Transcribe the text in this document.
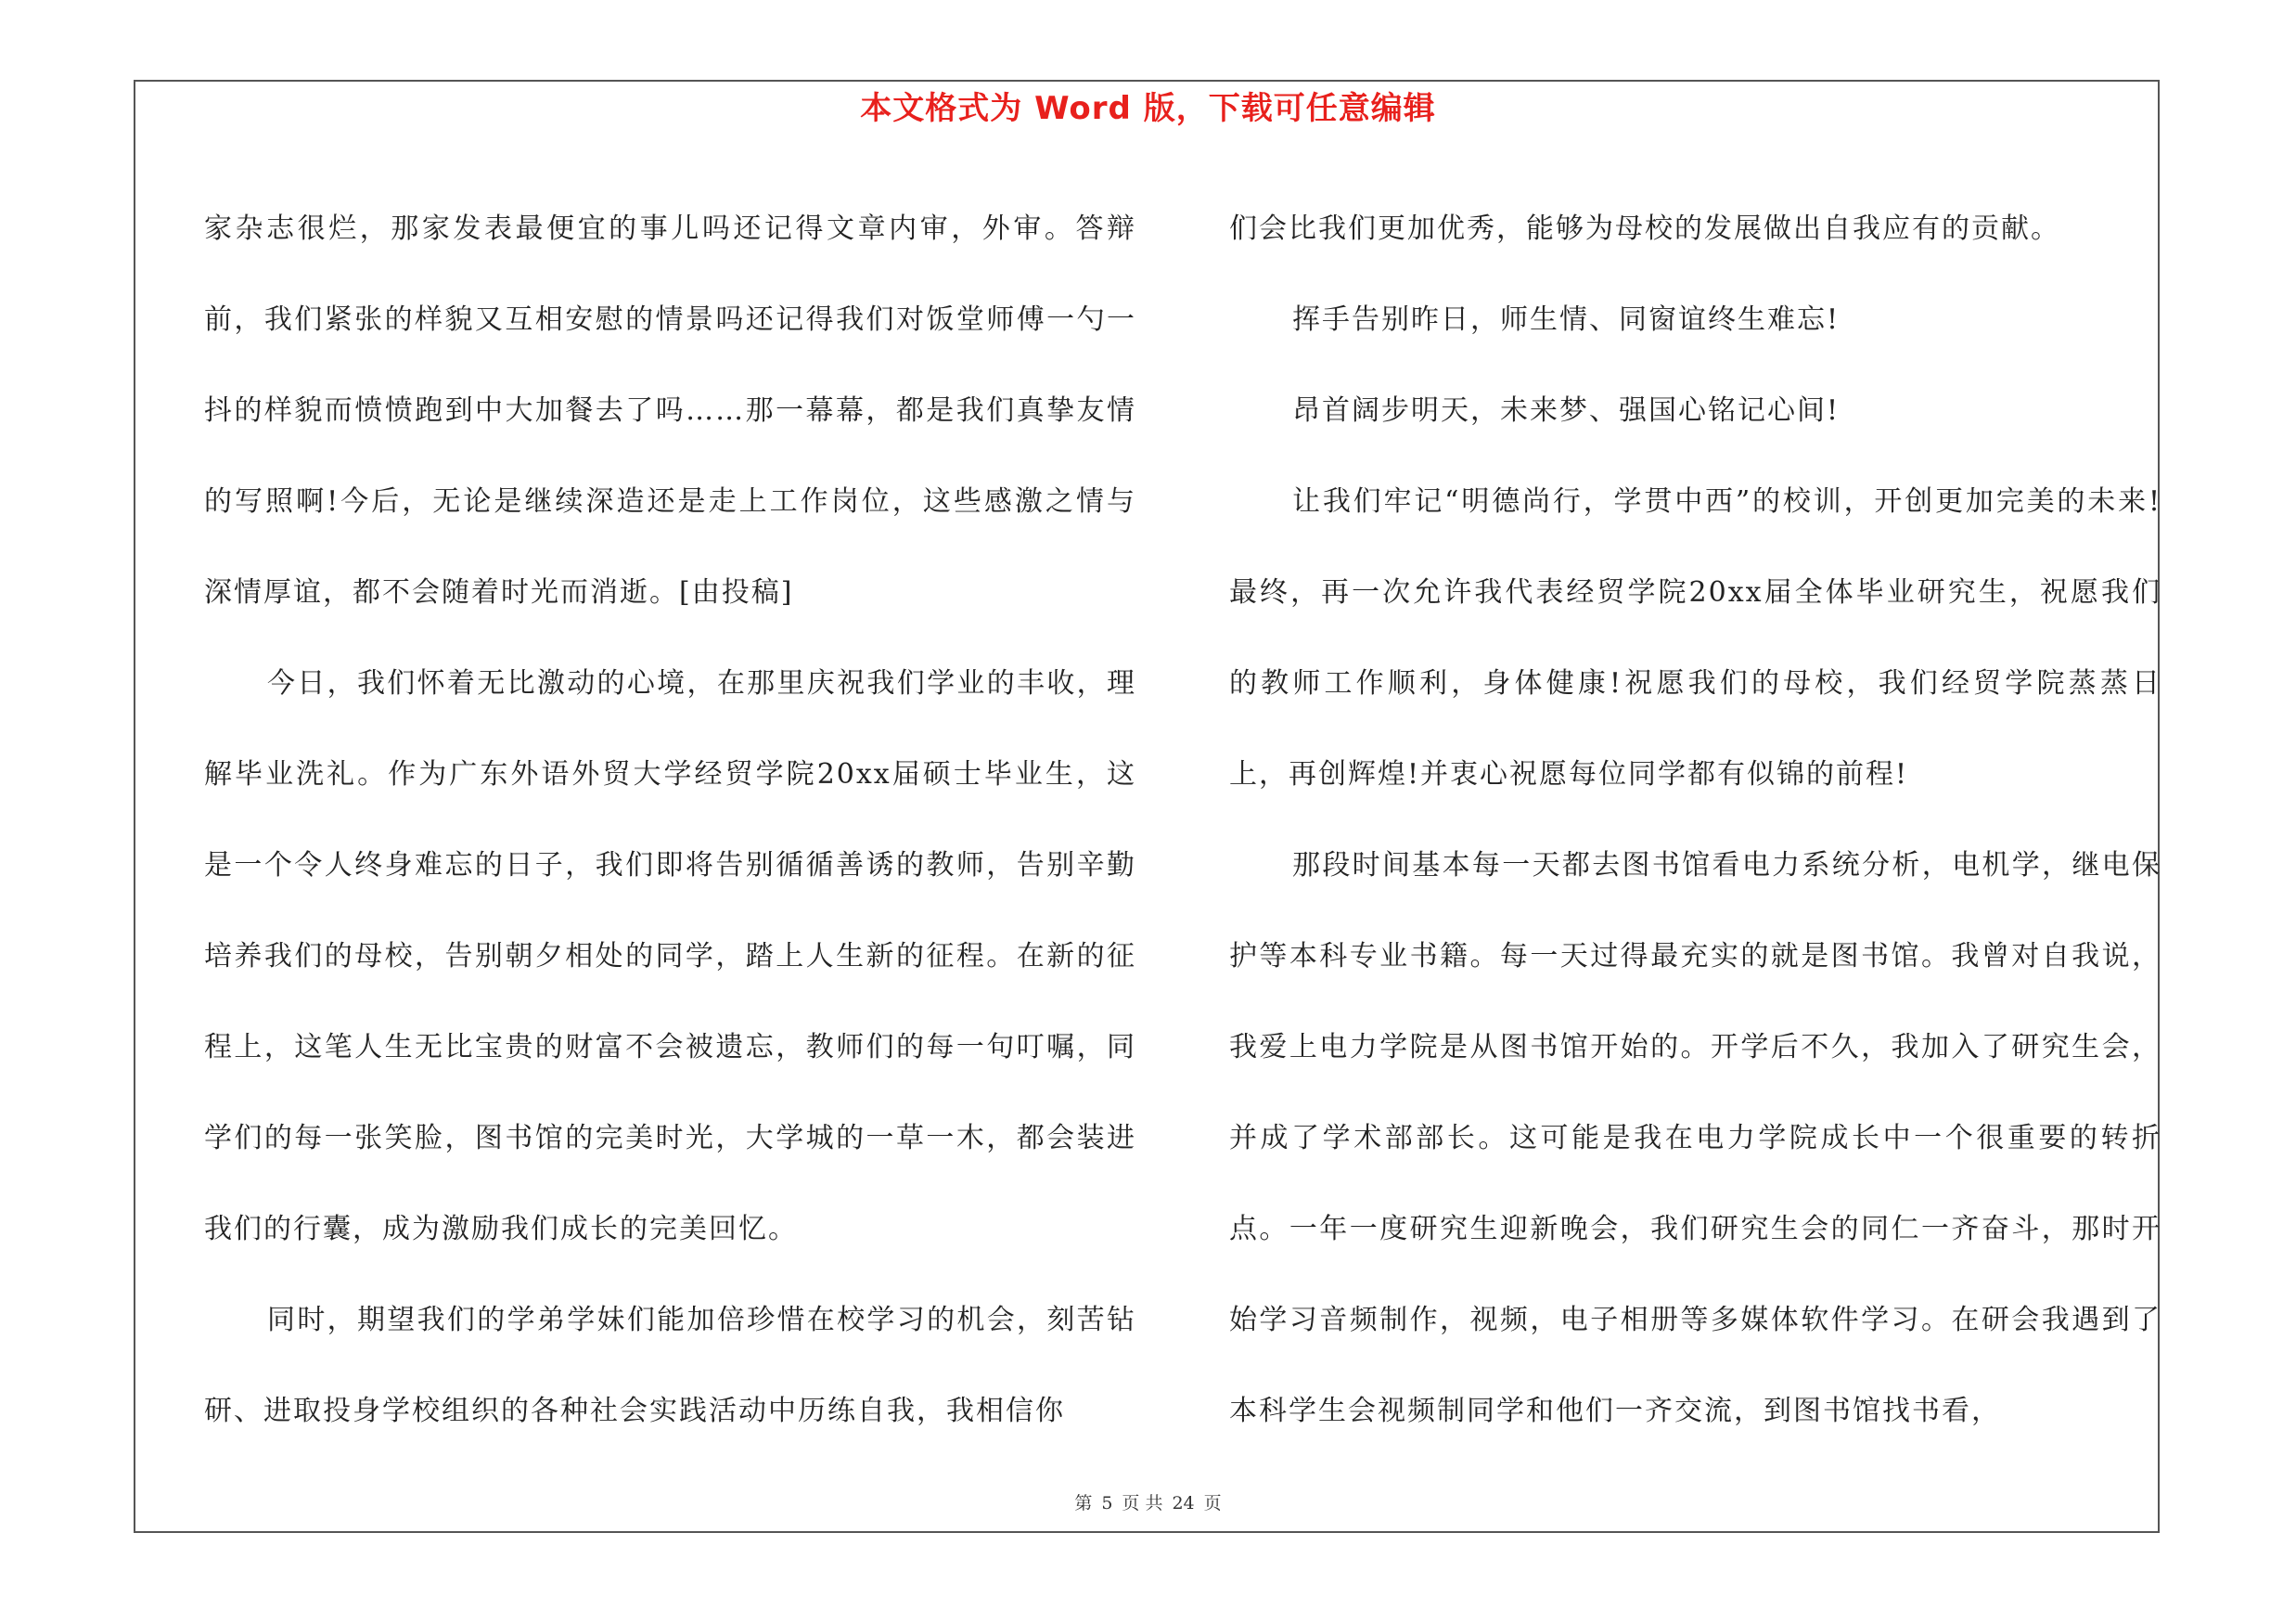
本文格式为 Word 版，下载可任意编辑

家杂志很烂，那家发表最便宜的事儿吗还记得文章内审，外审。答辩前，我们紧张的样貌又互相安慰的情景吗还记得我们对饭堂师傅一勺一抖的样貌而愤愤跑到中大加餐去了吗……那一幕幕，都是我们真挚友情的写照啊!今后，无论是继续深造还是走上工作岗位，这些感激之情与深情厚谊，都不会随着时光而消逝。[由投稿]

今日，我们怀着无比激动的心境，在那里庆祝我们学业的丰收，理解毕业洗礼。作为广东外语外贸大学经贸学院20xx届硕士毕业生，这是一个令人终身难忘的日子，我们即将告别循循善诱的教师，告别辛勤培养我们的母校，告别朝夕相处的同学，踏上人生新的征程。在新的征程上，这笔人生无比宝贵的财富不会被遗忘，教师们的每一句叮嘱，同学们的每一张笑脸，图书馆的完美时光，大学城的一草一木，都会装进我们的行囊，成为激励我们成长的完美回忆。

同时，期望我们的学弟学妹们能加倍珍惜在校学习的机会，刻苦钻研、进取投身学校组织的各种社会实践活动中历练自我，我相信你

们会比我们更加优秀，能够为母校的发展做出自我应有的贡献。

挥手告别昨日，师生情、同窗谊终生难忘!

昂首阔步明天，未来梦、强国心铭记心间!

让我们牢记“明德尚行，学贯中西”的校训，开创更加完美的未来!最终，再一次允许我代表经贸学院20xx届全体毕业研究生，祝愿我们的教师工作顺利，身体健康!祝愿我们的母校，我们经贸学院蒸蒸日上，再创辉煌!并衷心祝愿每位同学都有似锦的前程!

那段时间基本每一天都去图书馆看电力系统分析，电机学，继电保护等本科专业书籍。每一天过得最充实的就是图书馆。我曾对自我说，我爱上电力学院是从图书馆开始的。开学后不久，我加入了研究生会，并成了学术部部长。这可能是我在电力学院成长中一个很重要的转折点。一年一度研究生迎新晚会，我们研究生会的同仁一齐奋斗，那时开始学习音频制作，视频，电子相册等多媒体软件学习。在研会我遇到了本科学生会视频制同学和他们一齐交流，到图书馆找书看，

第 5 页 共 24 页
